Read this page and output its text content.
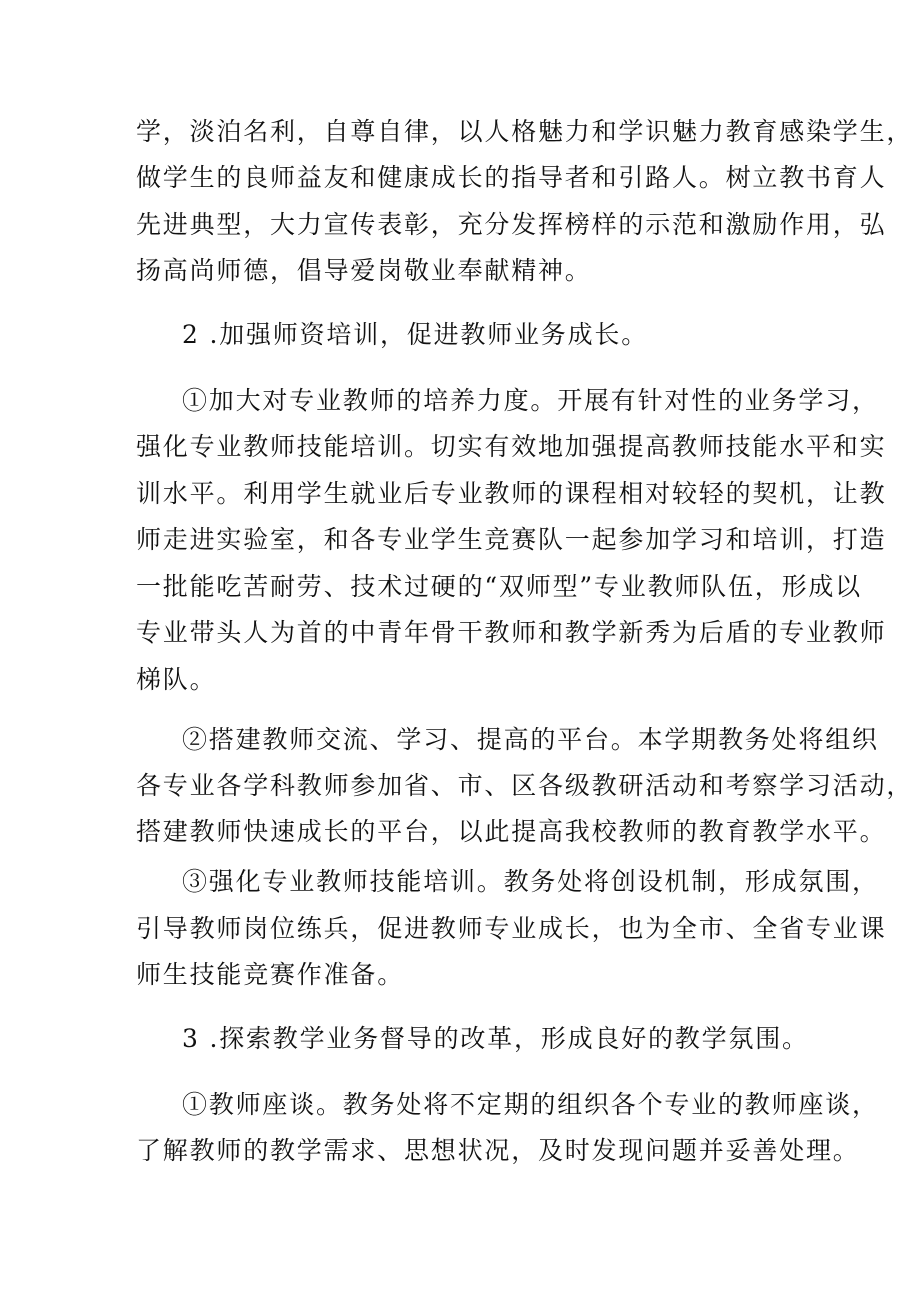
学，淡泊名利，自尊自律，以人格魅力和学识魅力教育感染学生，
做学生的良师益友和健康成长的指导者和引路人。树立教书育人
先进典型，大力宣传表彰，充分发挥榜样的示范和激励作用，弘
扬高尚师德，倡导爱岗敬业奉献精神。
2 .加强师资培训，促进教师业务成长。
①加大对专业教师的培养力度。开展有针对性的业务学习，
强化专业教师技能培训。切实有效地加强提高教师技能水平和实
训水平。利用学生就业后专业教师的课程相对较轻的契机，让教
师走进实验室，和各专业学生竞赛队一起参加学习和培训，打造
一批能吃苦耐劳、技术过硬的“双师型”专业教师队伍，形成以
专业带头人为首的中青年骨干教师和教学新秀为后盾的专业教师
梯队。
②搭建教师交流、学习、提高的平台。本学期教务处将组织
各专业各学科教师参加省、市、区各级教研活动和考察学习活动，
搭建教师快速成长的平台，以此提高我校教师的教育教学水平。
③强化专业教师技能培训。教务处将创设机制，形成氛围，
引导教师岗位练兵，促进教师专业成长，也为全市、全省专业课
师生技能竞赛作准备。
3 .探索教学业务督导的改革，形成良好的教学氛围。
①教师座谈。教务处将不定期的组织各个专业的教师座谈，
了解教师的教学需求、思想状况，及时发现问题并妥善处理。
